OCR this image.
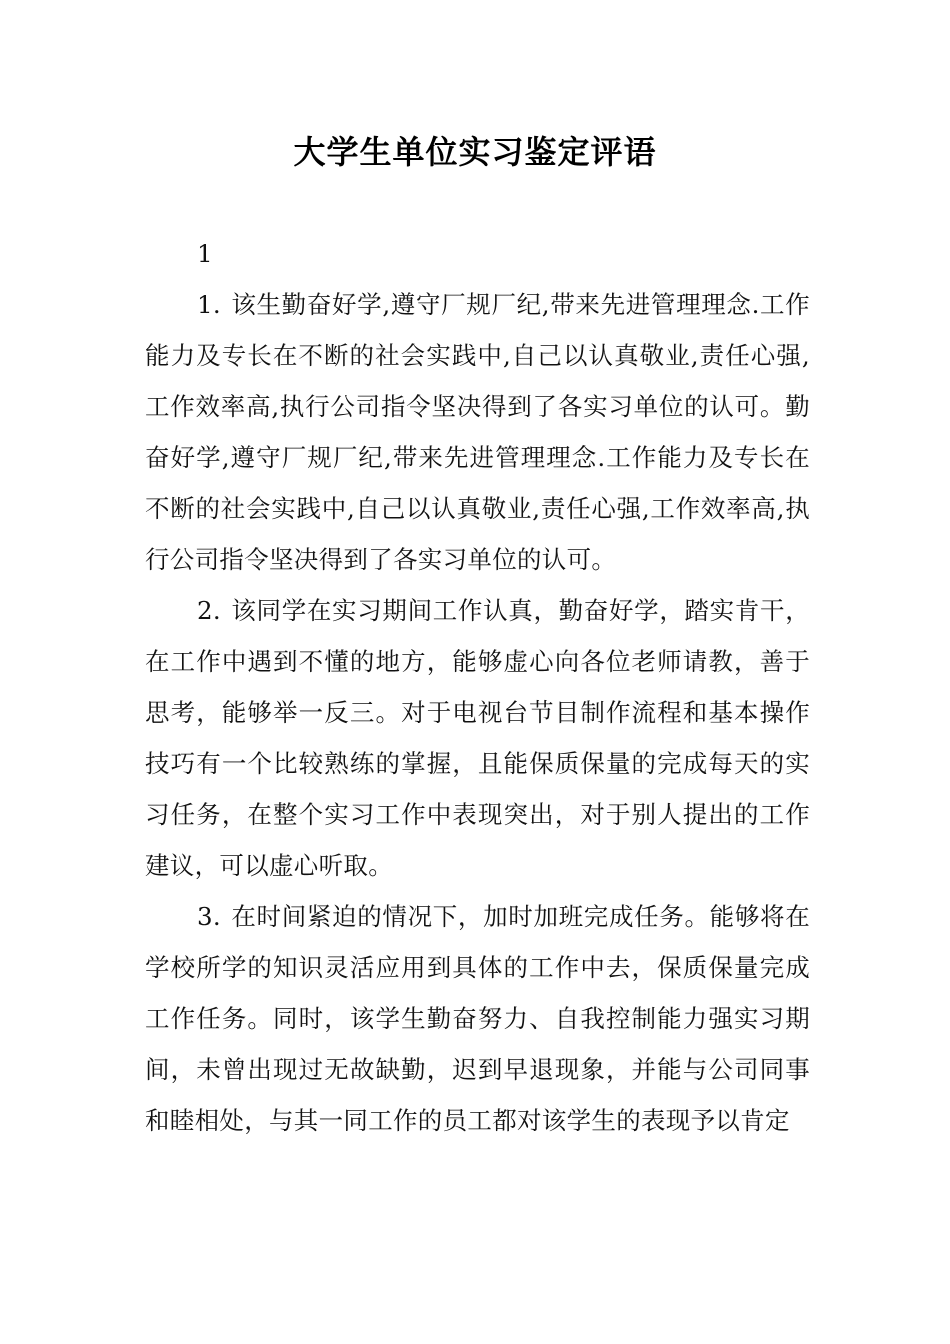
大学生单位实习鉴定评语

1

1. 该生勤奋好学,遵守厂规厂纪,带来先进管理理念.工作能力及专长在不断的社会实践中,自己以认真敬业,责任心强,工作效率高,执行公司指令坚决得到了各实习单位的认可。勤奋好学,遵守厂规厂纪,带来先进管理理念.工作能力及专长在不断的社会实践中,自己以认真敬业,责任心强,工作效率高,执行公司指令坚决得到了各实习单位的认可。

2. 该同学在实习期间工作认真，勤奋好学，踏实肯干，在工作中遇到不懂的地方，能够虚心向各位老师请教，善于思考，能够举一反三。对于电视台节目制作流程和基本操作技巧有一个比较熟练的掌握，且能保质保量的完成每天的实习任务，在整个实习工作中表现突出，对于别人提出的工作建议，可以虚心听取。

3. 在时间紧迫的情况下，加时加班完成任务。能够将在学校所学的知识灵活应用到具体的工作中去，保质保量完成工作任务。同时，该学生勤奋努力、自我控制能力强实习期间，未曾出现过无故缺勤，迟到早退现象，并能与公司同事和睦相处，与其一同工作的员工都对该学生的表现予以肯定
